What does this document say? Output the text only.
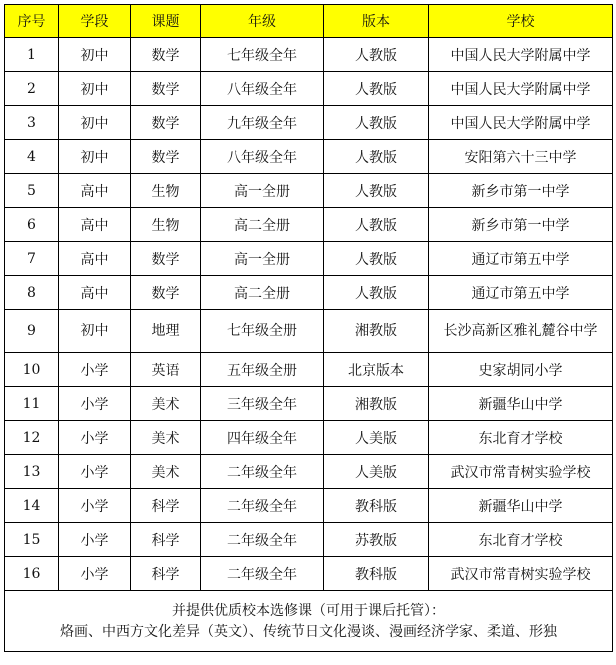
序号	学段	课题	年级	版本	学校
1	初中	数学	七年级全年	人教版	中国人民大学附属中学
2	初中	数学	八年级全年	人教版	中国人民大学附属中学
3	初中	数学	九年级全年	人教版	中国人民大学附属中学
4	初中	数学	八年级全年	人教版	安阳第六十三中学
5	高中	生物	高一全册	人教版	新乡市第一中学
6	高中	生物	高二全册	人教版	新乡市第一中学
7	高中	数学	高一全册	人教版	通辽市第五中学
8	高中	数学	高二全册	人教版	通辽市第五中学
9	初中	地理	七年级全册	湘教版	长沙高新区雅礼麓谷中学
10	小学	英语	五年级全册	北京版本	史家胡同小学
11	小学	美术	三年级全年	湘教版	新疆华山中学
12	小学	美术	四年级全年	人美版	东北育才学校
13	小学	美术	二年级全年	人美版	武汉市常青树实验学校
14	小学	科学	二年级全年	教科版	新疆华山中学
15	小学	科学	二年级全年	苏教版	东北育才学校
16	小学	科学	二年级全年	教科版	武汉市常青树实验学校

并提供优质校本选修课（可用于课后托管）：
烙画、中西方文化差异（英文）、传统节日文化漫谈、漫画经济学家、柔道、形独					
